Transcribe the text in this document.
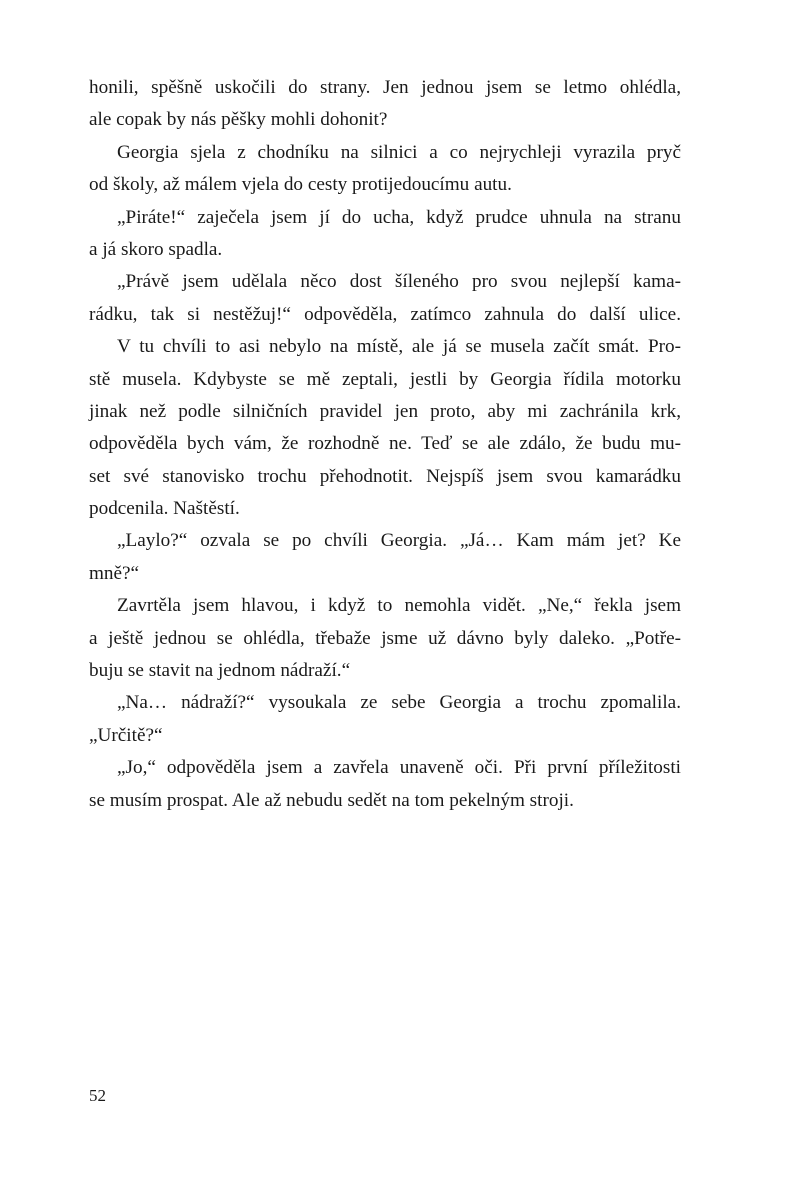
honili, spěšně uskočili do strany. Jen jednou jsem se letmo ohlédla,
ale copak by nás pěšky mohli dohonit?
Georgia sjela z chodníku na silnici a co nejrychleji vyrazila pryč
od školy, až málem vjela do cesty protijedoucímu autu.
„Piráte!“ zaječela jsem jí do ucha, když prudce uhnula na stranu
a já skoro spadla.
„Právě jsem udělala něco dost šíleného pro svou nejlepší kama-
rádku, tak si nestěžuj!“ odpověděla, zatímco zahnula do další ulice.
V tu chvíli to asi nebylo na místě, ale já se musela začít smát. Pro-
stě musela. Kdybyste se mě zeptali, jestli by Georgia řídila motorku
jinak než podle silničních pravidel jen proto, aby mi zachránila krk,
odpověděla bych vám, že rozhodně ne. Teď se ale zdálo, že budu mu-
set své stanovisko trochu přehodnotit. Nejspíš jsem svou kamarádku
podcenila. Naštěstí.
„Laylo?“ ozvala se po chvíli Georgia. „Já… Kam mám jet? Ke
mně?“
Zavrtěla jsem hlavou, i když to nemohla vidět. „Ne,“ řekla jsem
a ještě jednou se ohlédla, třebaže jsme už dávno byly daleko. „Potře-
buju se stavit na jednom nádraží.“
„Na… nádraží?“ vysoukala ze sebe Georgia a trochu zpomalila.
„Určitě?“
„Jo,“ odpověděla jsem a zavřela unaveně oči. Při první příležitosti
se musím prospat. Ale až nebudu sedět na tom pekelným stroji.
52
